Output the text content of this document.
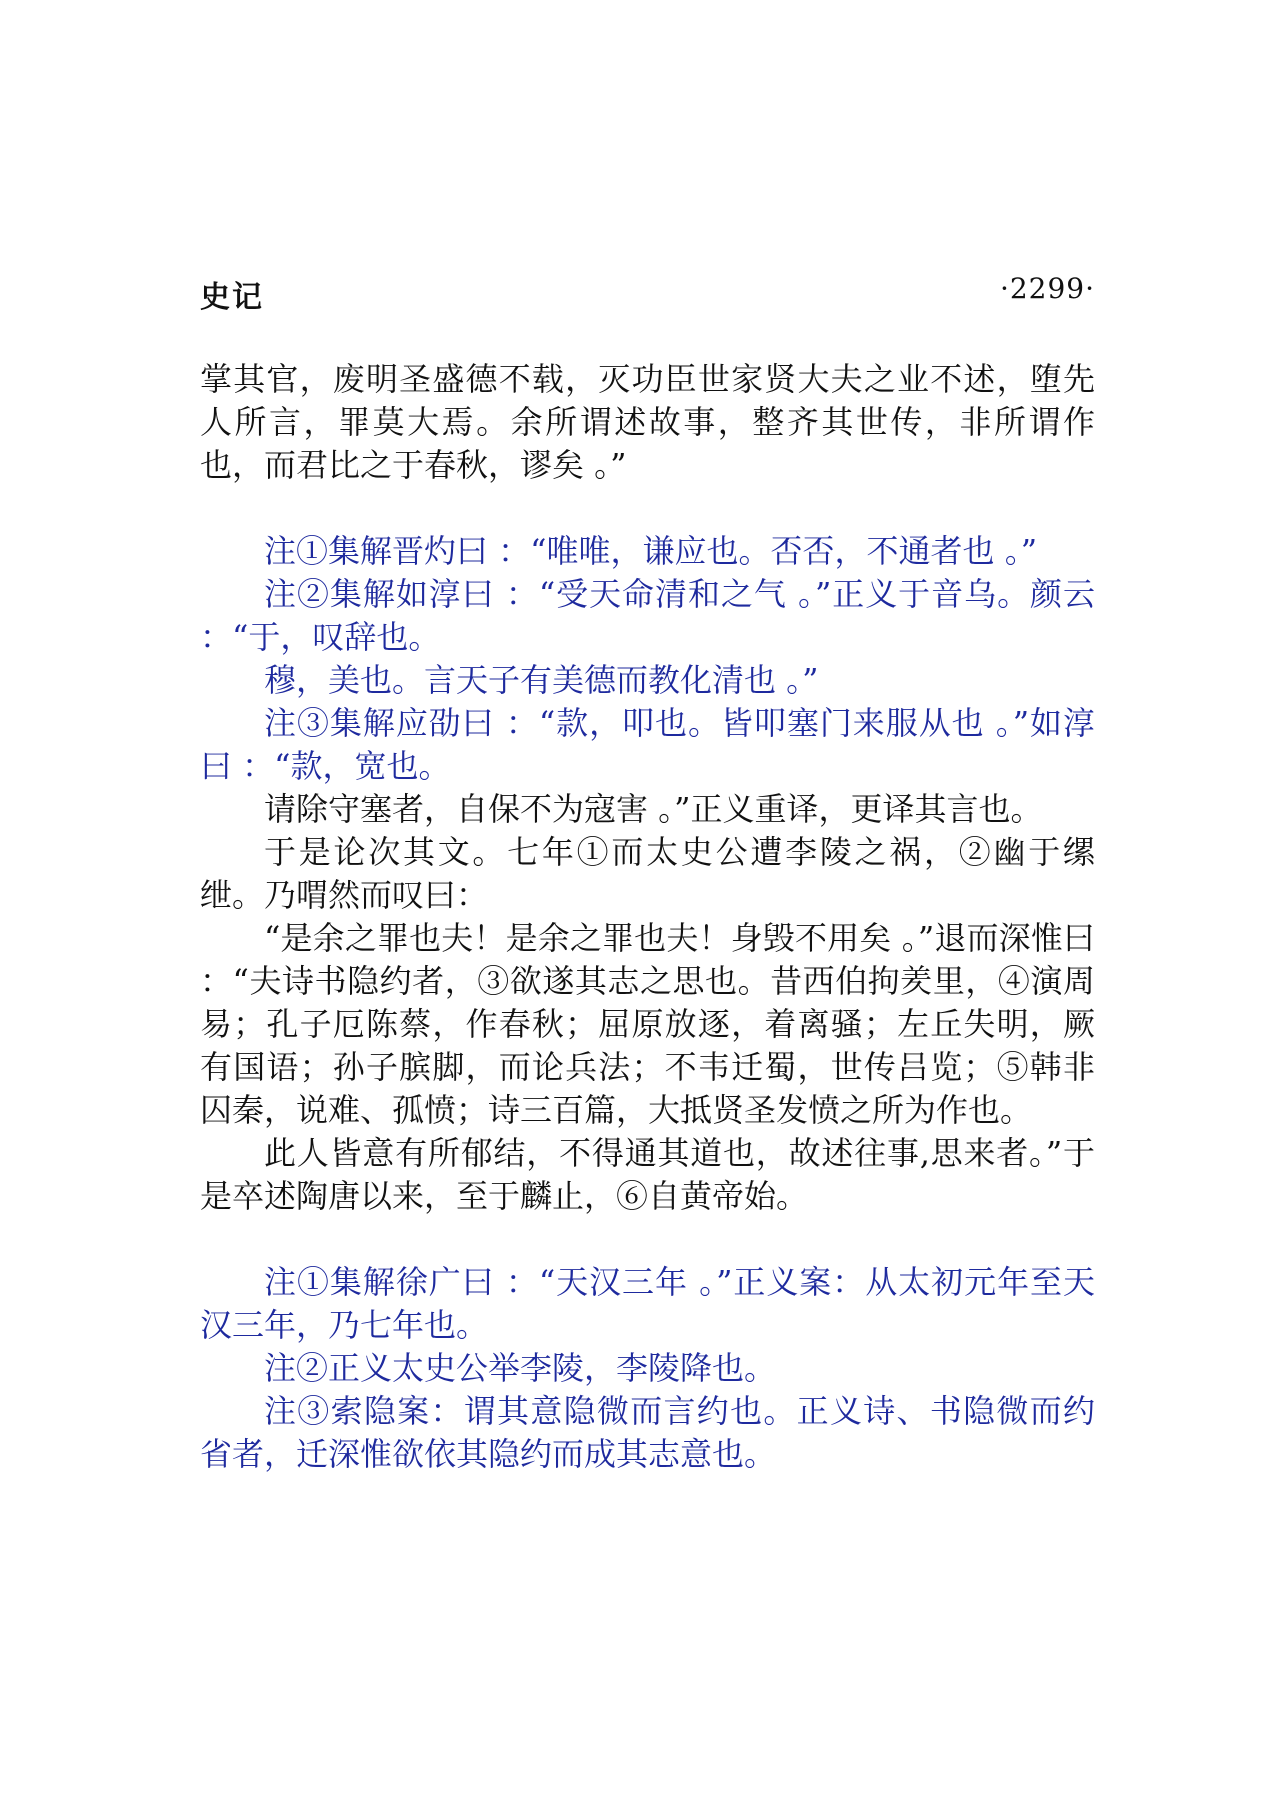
史记	·2299·

掌其官，废明圣盛德不载，灭功臣世家贤大夫之业不述，堕先人所言，罪莫大焉。余所谓述故事，整齐其世传，非所谓作也，而君比之于春秋，谬矣 。”

注①集解晋灼曰 ：“唯唯，谦应也。否否，不通者也 。”

注②集解如淳曰 ：“受天命清和之气 。”正义于音乌。颜云 ：“于，叹辞也。

穆，美也。言天子有美德而教化清也 。”

注③集解应劭曰 ：“款，叩也。皆叩塞门来服从也 。”如淳曰 ：“款，宽也。

请除守塞者，自保不为寇害 。”正义重译，更译其言也。

于是论次其文。七年①而太史公遭李陵之祸，②幽于缧绁。乃喟然而叹曰：

“是余之罪也夫！是余之罪也夫！身毁不用矣 。”退而深惟曰 ：“夫诗书隐约者，③欲遂其志之思也。昔西伯拘羑里，④演周易；孔子厄陈蔡，作春秋；屈原放逐，着离骚；左丘失明，厥有国语；孙子膑脚，而论兵法；不韦迁蜀，世传吕览；⑤韩非囚秦，说难、孤愤；诗三百篇，大抵贤圣发愤之所为作也。

此人皆意有所郁结，不得通其道也，故述往事,思来者。”于是卒述陶唐以来，至于麟止，⑥自黄帝始。

注①集解徐广曰 ：“天汉三年 。”正义案：从太初元年至天汉三年，乃七年也。

注②正义太史公举李陵，李陵降也。

注③索隐案：谓其意隐微而言约也。正义诗、书隐微而约省者，迁深惟欲依其隐约而成其志意也。
